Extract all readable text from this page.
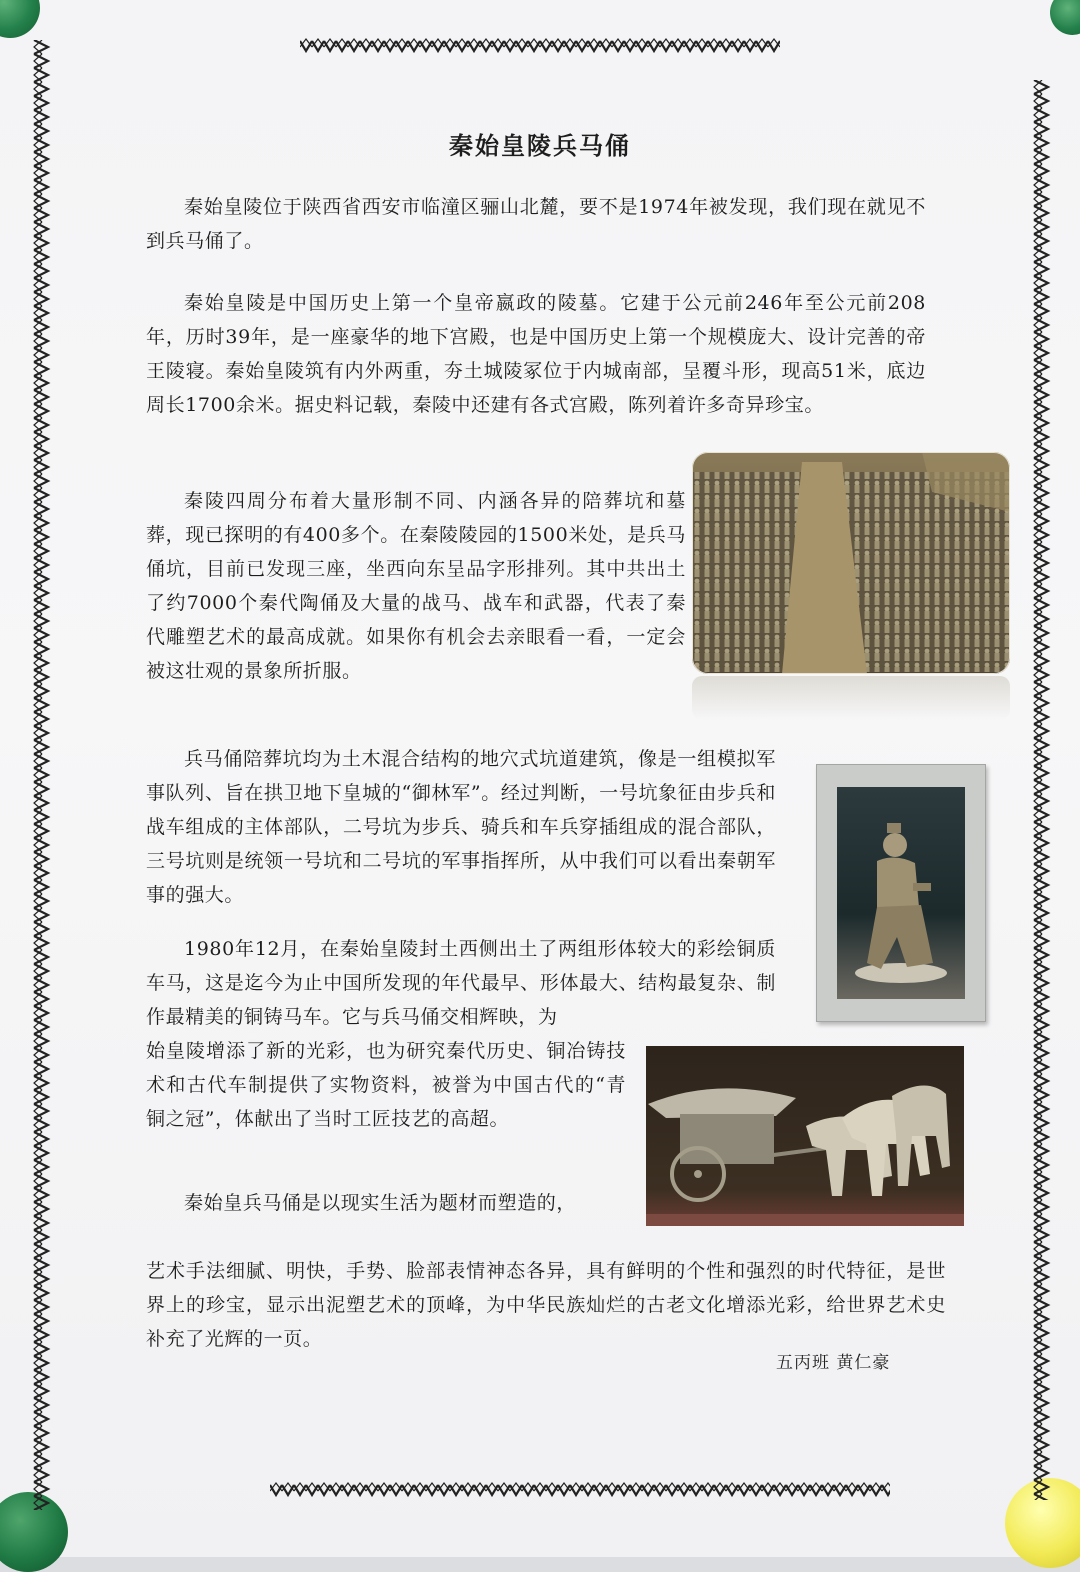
秦始皇陵兵马俑

秦始皇陵位于陕西省西安市临潼区骊山北麓，要不是1974年被发现，我们现在就见不到兵马俑了。

秦始皇陵是中国历史上第一个皇帝嬴政的陵墓。它建于公元前246年至公元前208年，历时39年，是一座豪华的地下宫殿，也是中国历史上第一个规模庞大、设计完善的帝王陵寝。秦始皇陵筑有内外两重，夯土城陵冢位于内城南部，呈覆斗形，现高51米，底边周长1700余米。据史料记载，秦陵中还建有各式宫殿，陈列着许多奇异珍宝。

秦陵四周分布着大量形制不同、内涵各异的陪葬坑和墓葬，现已探明的有400多个。在秦陵陵园的1500米处，是兵马俑坑，目前已发现三座，坐西向东呈品字形排列。其中共出土了约7000个秦代陶俑及大量的战马、战车和武器，代表了秦代雕塑艺术的最高成就。如果你有机会去亲眼看一看，一定会被这壮观的景象所折服。

兵马俑陪葬坑均为土木混合结构的地穴式坑道建筑，像是一组模拟军事队列、旨在拱卫地下皇城的“御林军”。经过判断，一号坑象征由步兵和战车组成的主体部队，二号坑为步兵、骑兵和车兵穿插组成的混合部队，三号坑则是统领一号坑和二号坑的军事指挥所，从中我们可以看出秦朝军事的强大。

1980年12月，在秦始皇陵封土西侧出土了两组形体较大的彩绘铜质车马，这是迄今为止中国所发现的年代最早、形体最大、结构最复杂、制作最精美的铜铸马车。它与兵马俑交相辉映，为

始皇陵增添了新的光彩，也为研究秦代历史、铜冶铸技术和古代车制提供了实物资料，被誉为中国古代的“青铜之冠”，体献出了当时工匠技艺的高超。

秦始皇兵马俑是以现实生活为题材而塑造的，

艺术手法细腻、明快，手势、脸部表情神态各异，具有鲜明的个性和强烈的时代特征，是世界上的珍宝，显示出泥塑艺术的顶峰，为中华民族灿烂的古老文化增添光彩，给世界艺术史补充了光辉的一页。

五丙班 黄仁豪
